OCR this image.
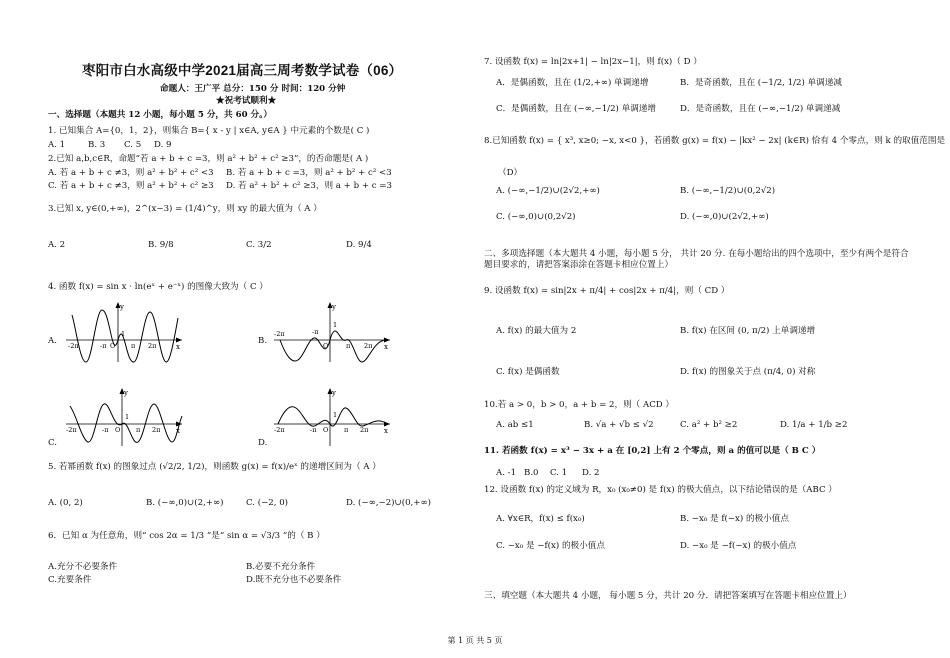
枣阳市白水高级中学2021届高三周考数学试卷（06）
命题人：王广平 总分：150 分 时间：120 分钟
★祝考试顺利★
一、选择题（本题共 12 小题，每小题 5 分，共 60 分。）
1. 已知集合 A={0，1，2}，则集合 B={ x - y | x∈A, y∈A } 中元素的个数是( C )
A. 1	B. 3 C. 5 D. 9
2.已知 a,b,c∈R，命题“若 a + b + c =3，则 a² + b² + c² ≥3”，的否命题是( A )
A. 若 a + b + c ≠3，则 a² + b² + c² <3 B. 若 a + b + c =3，则 a² + b² + c² <3
C. 若 a + b + c ≠3，则 a² + b² + c² ≥3 D. 若 a² + b² + c² ≥3，则 a + b + c =3
3.已知 x, y∈(0,+∞)，2^(x−3) = (1/4)^y，则 xy 的最大值为（ A ）
A. 2	B. 9/8	C. 3/2	D. 9/4
4. 函数 f(x) = sin x · ln(eˣ + e⁻ˣ) 的图像大致为（ C ）
A.
y
x
1
-2π	-π O π 2π	B.
y
x
1
-2π	-π
O	π 2π
C.
y
x
1
-2π	-π O π 2π
D.
y
x
1
-2π	-π O π 2π
5. 若幂函数 f(x) 的图象过点 (√2/2, 1/2)，则函数 g(x) = f(x)/eˣ 的递增区间为（ A ）
A. (0, 2)	B. (−∞,0)∪(2,+∞)	C. (−2, 0)	D. (−∞,−2)∪(0,+∞)
6．已知 α 为任意角，则“ cos 2α = 1/3 ”是“ sin α = √3/3 ”的（ B ）
A.充分不必要条件	B.必要不充分条件
C.充要条件	D.既不充分也不必要条件
7. 设函数 f(x) = ln|2x+1| − ln|2x−1|，则 f(x)（ D ）
A．是偶函数，且在 (1/2,+∞) 单调递增	B．是奇函数，且在 (−1/2, 1/2) 单调递减
C．是偶函数，且在 (−∞,−1/2) 单调递增	D．是奇函数，且在 (−∞,−1/2) 单调递减
8.已知函数 f(x) = { x³, x≥0; −x, x<0 }，若函数 g(x) = f(x) − |kx² − 2x| (k∈R) 恰有 4 个零点，则 k 的取值范围是
（D）
A. (−∞,−1/2)∪(2√2,+∞)	B. (−∞,−1/2)∪(0,2√2)
C. (−∞,0)∪(0,2√2)	D. (−∞,0)∪(2√2,+∞)
二、多项选择题（本大题共 4 小题，每小题 5 分， 共计 20 分. 在每小题给出的四个选项中，至少有两个是符合题目要求的，请把答案添涂在答题卡相应位置上）
9. 设函数 f(x) = sin|2x + π/4| + cos|2x + π/4|，则（ CD ）
A. f(x) 的最大值为 2	B. f(x) 在区间 (0, π/2) 上单调递增
C. f(x) 是偶函数	D. f(x) 的图象关于点 (π/4, 0) 对称
10.若 a > 0，b > 0，a + b = 2，则（ ACD ）
A. ab ≤1	B. √a + √b ≤ √2	C. a² + b² ≥2	D. 1/a + 1/b ≥2
11. 若函数 f(x) = x³ − 3x + a 在 [0,2] 上有 2 个零点，则 a 的值可以是（ B C ）
A. -1 B.0 C. 1 D. 2
12. 设函数 f(x) 的定义域为 R，x₀ (x₀≠0) 是 f(x) 的极大值点，以下结论错误的是（ABC ）
A. ∀x∈R，f(x) ≤ f(x₀)	B. −x₀ 是 f(−x) 的极小值点
C. −x₀ 是 −f(x) 的极小值点	D. −x₀ 是 −f(−x) 的极小值点
三、填空题（本大题共 4 小题， 每小题 5 分，共计 20 分．请把答案填写在答题卡相应位置上）
第 1 页 共 5 页
